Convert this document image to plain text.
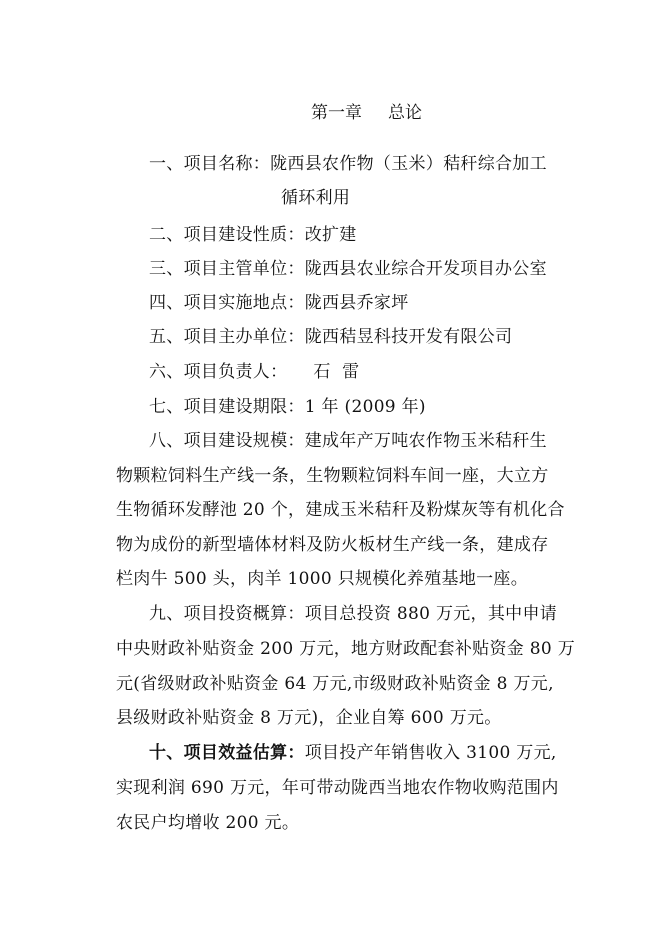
第一章 总论
一、项目名称：陇西县农作物（玉米）秸秆综合加工
循环利用
二、项目建设性质：改扩建
三、项目主管单位：陇西县农业综合开发项目办公室
四、项目实施地点：陇西县乔家坪
五、项目主办单位：陇西秸昱科技开发有限公司
六、项目负责人： 石  雷
七、项目建设期限：1 年 (2009 年)
八、项目建设规模：建成年产万吨农作物玉米秸秆生
物颗粒饲料生产线一条，生物颗粒饲料车间一座，大立方
生物循环发酵池 20 个，建成玉米秸秆及粉煤灰等有机化合
物为成份的新型墙体材料及防火板材生产线一条，建成存
栏肉牛 500 头，肉羊 1000 只规模化养殖基地一座。
九、项目投资概算：项目总投资 880 万元，其中申请
中央财政补贴资金 200 万元，地方财政配套补贴资金 80 万
元(省级财政补贴资金 64 万元,市级财政补贴资金 8 万元,
县级财政补贴资金 8 万元)，企业自筹 600 万元。
十、项目效益估算：项目投产年销售收入 3100 万元,
实现利润 690 万元，年可带动陇西当地农作物收购范围内
农民户均增收 200 元。
